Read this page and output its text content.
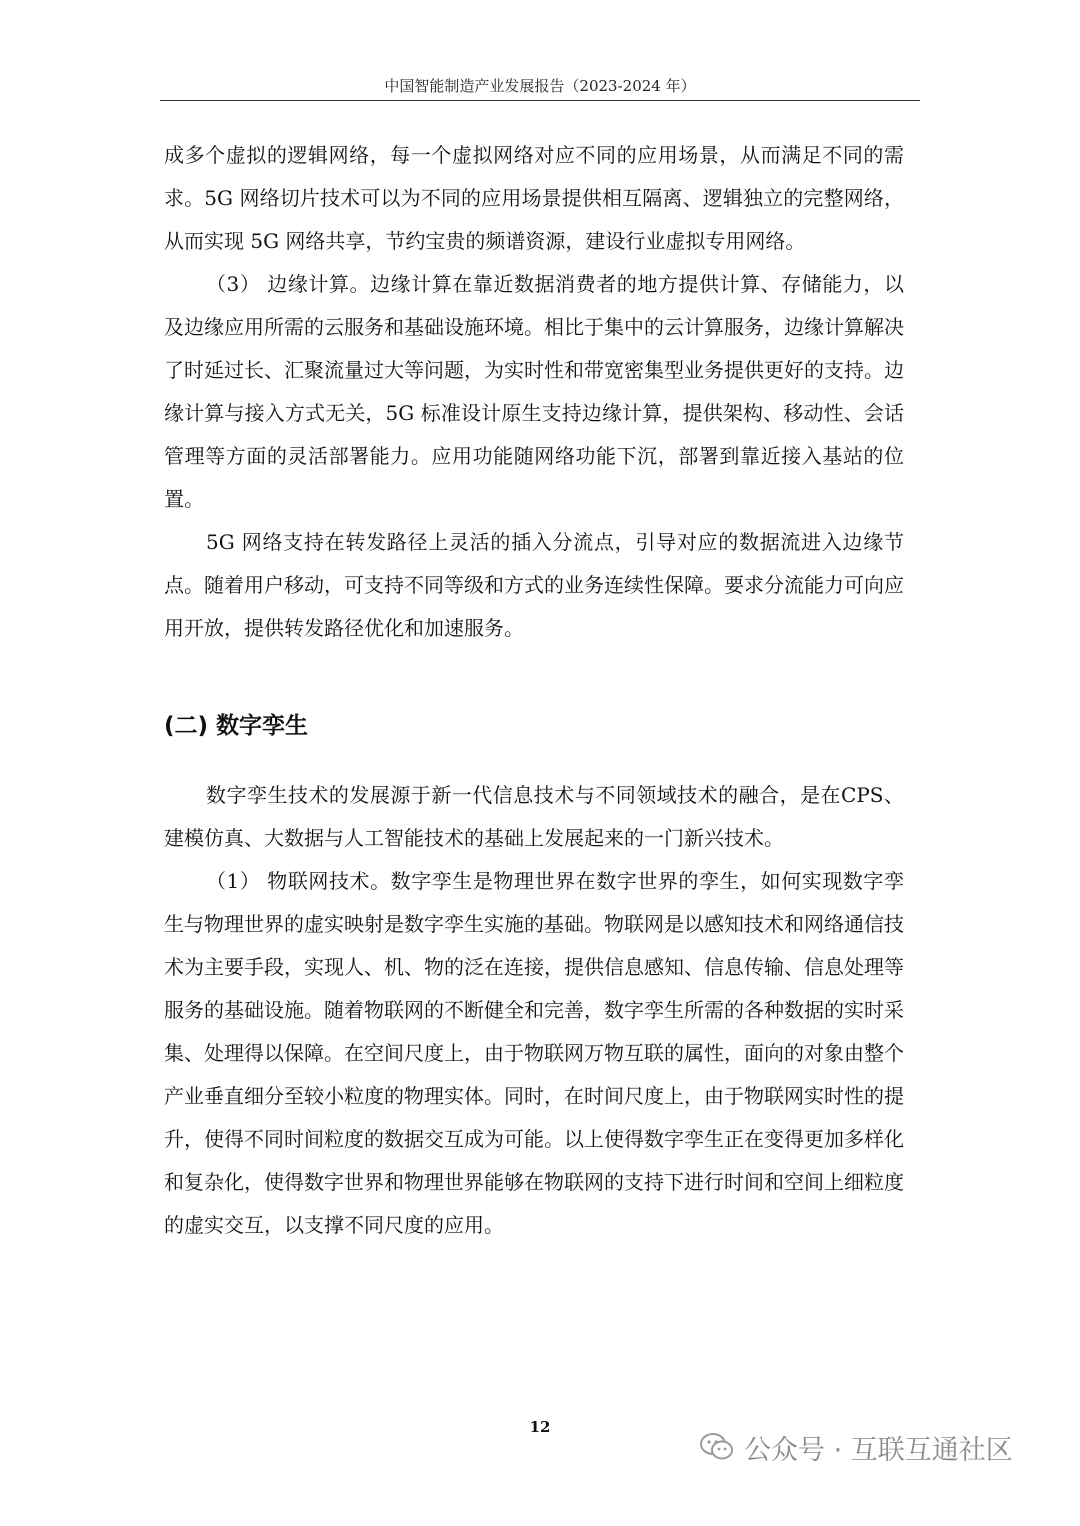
中国智能制造产业发展报告（2023-2024 年）

成多个虚拟的逻辑网络，每一个虚拟网络对应不同的应用场景，从而满足不同的需求。5G 网络切片技术可以为不同的应用场景提供相互隔离、逻辑独立的完整网络，从而实现 5G 网络共享，节约宝贵的频谱资源，建设行业虚拟专用网络。

（3） 边缘计算。边缘计算在靠近数据消费者的地方提供计算、存储能力，以及边缘应用所需的云服务和基础设施环境。相比于集中的云计算服务，边缘计算解决了时延过长、汇聚流量过大等问题，为实时性和带宽密集型业务提供更好的支持。边缘计算与接入方式无关，5G 标准设计原生支持边缘计算，提供架构、移动性、会话管理等方面的灵活部署能力。应用功能随网络功能下沉，部署到靠近接入基站的位置。

5G 网络支持在转发路径上灵活的插入分流点，引导对应的数据流进入边缘节点。随着用户移动，可支持不同等级和方式的业务连续性保障。要求分流能力可向应用开放，提供转发路径优化和加速服务。

(二) 数字孪生

数字孪生技术的发展源于新一代信息技术与不同领域技术的融合，是在CPS、建模仿真、大数据与人工智能技术的基础上发展起来的一门新兴技术。

（1） 物联网技术。数字孪生是物理世界在数字世界的孪生，如何实现数字孪生与物理世界的虚实映射是数字孪生实施的基础。物联网是以感知技术和网络通信技术为主要手段，实现人、机、物的泛在连接，提供信息感知、信息传输、信息处理等服务的基础设施。随着物联网的不断健全和完善，数字孪生所需的各种数据的实时采集、处理得以保障。在空间尺度上，由于物联网万物互联的属性，面向的对象由整个产业垂直细分至较小粒度的物理实体。同时，在时间尺度上，由于物联网实时性的提升，使得不同时间粒度的数据交互成为可能。以上使得数字孪生正在变得更加多样化和复杂化，使得数字世界和物理世界能够在物联网的支持下进行时间和空间上细粒度的虚实交互，以支撑不同尺度的应用。

12
公众号 · 互联互通社区
